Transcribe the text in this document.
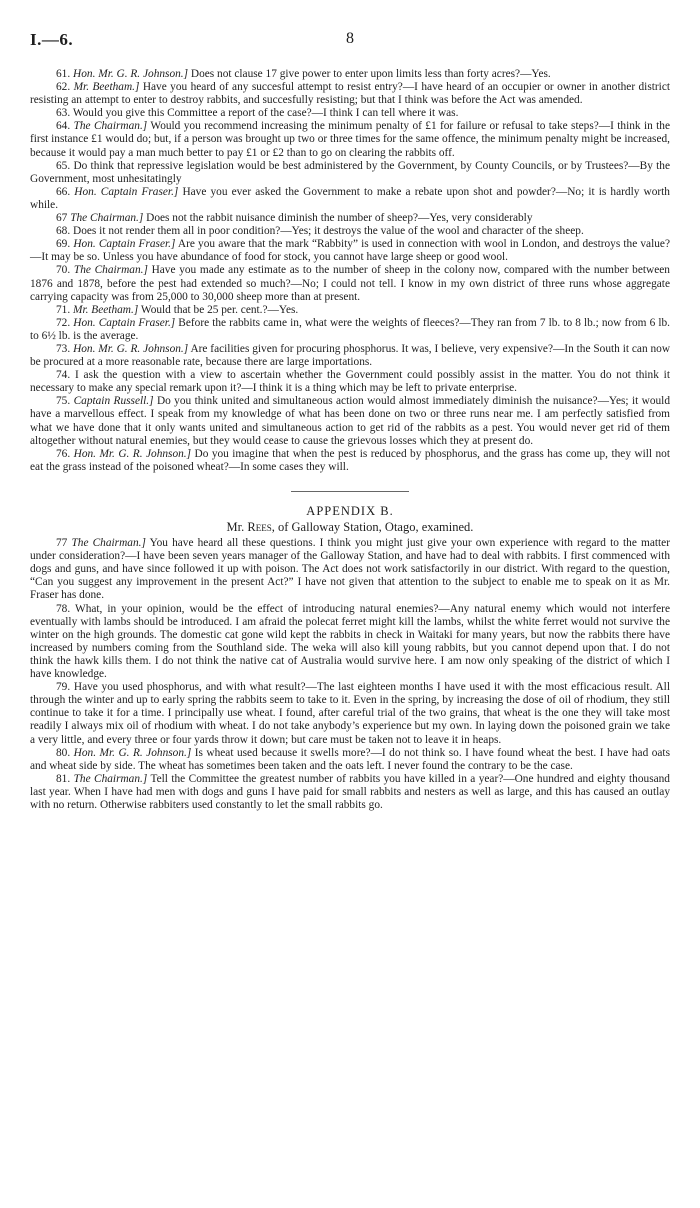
I.—6.	8

61. Hon. Mr. G. R. Johnson.] Does not clause 17 give power to enter upon limits less than forty acres?—Yes.

62. Mr. Beetham.] Have you heard of any succesful attempt to resist entry?—I have heard of an occupier or owner in another district resisting an attempt to enter to destroy rabbits, and succesfully resisting; but that I think was before the Act was amended.

63. Would you give this Committee a report of the case?—I think I can tell where it was.

64. The Chairman.] Would you recommend increasing the minimum penalty of £1 for failure or refusal to take steps?—I think in the first instance £1 would do; but, if a person was brought up two or three times for the same offence, the minimum penalty might be increased, because it would pay a man much better to pay £1 or £2 than to go on clearing the rabbits off.

65. Do think that repressive legislation would be best administered by the Government, by County Councils, or by Trustees?—By the Government, most unhesitatingly

66. Hon. Captain Fraser.] Have you ever asked the Government to make a rebate upon shot and powder?—No; it is hardly worth while.

67 The Chairman.] Does not the rabbit nuisance diminish the number of sheep?—Yes, very considerably

68. Does it not render them all in poor condition?—Yes; it destroys the value of the wool and character of the sheep.

69. Hon. Captain Fraser.] Are you aware that the mark “Rabbity” is used in connection with wool in London, and destroys the value?—It may be so. Unless you have abundance of food for stock, you cannot have large sheep or good wool.

70. The Chairman.] Have you made any estimate as to the number of sheep in the colony now, compared with the number between 1876 and 1878, before the pest had extended so much?—No; I could not tell. I know in my own district of three runs whose aggregate carrying capacity was from 25,000 to 30,000 sheep more than at present.

71. Mr. Beetham.] Would that be 25 per. cent.?—Yes.

72. Hon. Captain Fraser.] Before the rabbits came in, what were the weights of fleeces?—They ran from 7 lb. to 8 lb.; now from 6 lb. to 6½ lb. is the average.

73. Hon. Mr. G. R. Johnson.] Are facilities given for procuring phosphorus. It was, I believe, very expensive?—In the South it can now be procured at a more reasonable rate, because there are large importations.

74. I ask the question with a view to ascertain whether the Government could possibly assist in the matter. You do not think it necessary to make any special remark upon it?—I think it is a thing which may be left to private enterprise.

75. Captain Russell.] Do you think united and simultaneous action would almost immediately diminish the nuisance?—Yes; it would have a marvellous effect. I speak from my knowledge of what has been done on two or three runs near me. I am perfectly satisfied from what we have done that it only wants united and simultaneous action to get rid of the rabbits as a pest. You would never get rid of them altogether without natural enemies, but they would cease to cause the grievous losses which they at present do.

76. Hon. Mr. G. R. Johnson.] Do you imagine that when the pest is reduced by phosphorus, and the grass has come up, they will not eat the grass instead of the poisoned wheat?—In some cases they will.

APPENDIX B.
Mr. Rees, of Galloway Station, Otago, examined.

77 The Chairman.] You have heard all these questions. I think you might just give your own experience with regard to the matter under consideration?—I have been seven years manager of the Galloway Station, and have had to deal with rabbits. I first commenced with dogs and guns, and have since followed it up with poison. The Act does not work satisfactorily in our district. With regard to the question, “Can you suggest any improvement in the present Act?” I have not given that attention to the subject to enable me to speak on it as Mr. Fraser has done.

78. What, in your opinion, would be the effect of introducing natural enemies?—Any natural enemy which would not interfere eventually with lambs should be introduced. I am afraid the polecat ferret might kill the lambs, whilst the white ferret would not survive the winter on the high grounds. The domestic cat gone wild kept the rabbits in check in Waitaki for many years, but now the rabbits there have increased by numbers coming from the Southland side. The weka will also kill young rabbits, but you cannot depend upon that. I do not think the hawk kills them. I do not think the native cat of Australia would survive here. I am now only speaking of the district of which I have knowledge.

79. Have you used phosphorus, and with what result?—The last eighteen months I have used it with the most efficacious result. All through the winter and up to early spring the rabbits seem to take to it. Even in the spring, by increasing the dose of oil of rhodium, they still continue to take it for a time. I principally use wheat. I found, after careful trial of the two grains, that wheat is the one they will take most readily I always mix oil of rhodium with wheat. I do not take anybody’s experience but my own. In laying down the poisoned grain we take a very little, and every three or four yards throw it down; but care must be taken not to leave it in heaps.

80. Hon. Mr. G. R. Johnson.] Is wheat used because it swells more?—I do not think so. I have found wheat the best. I have had oats and wheat side by side. The wheat has sometimes been taken and the oats left. I never found the contrary to be the case.

81. The Chairman.] Tell the Committee the greatest number of rabbits you have killed in a year?—One hundred and eighty thousand last year. When I have had men with dogs and guns I have paid for small rabbits and nesters as well as large, and this has caused an outlay with no return. Otherwise rabbiters used constantly to let the small rabbits go.
